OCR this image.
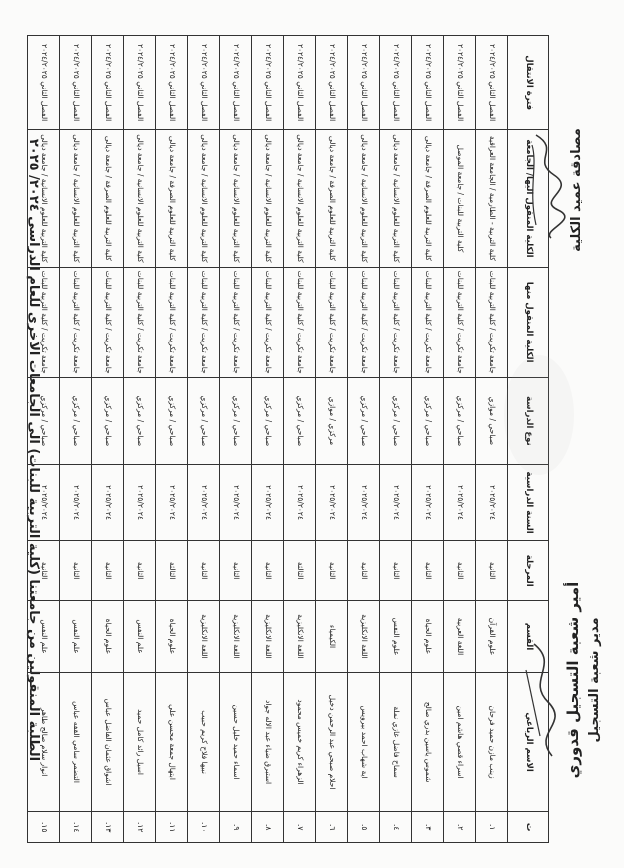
الطلبة المنقولين من جامعتنا (كلية التربية للبنات) الى الجامعات الاخرى للعام الدراسي ٢٠٢٤/ ٢٠٢٥
ت	الاسم الرباعي	القسم	المرحلة	السنة الدراسية	نوع الدراسة	الكلية المنقول منها	الكلية المنقول اليها/ الجامعة	فترة الانتقال
١.	زينب مازن حميد فرحان	علوم القرآن	الثانية	٢٠٢٥/٢٠٢٤	صباحي / موازي	جامعة تكريت / كلية التربية للبنات	كلية التربية - الطارمية / الجامعة العراقية	الفصل الثاني ٢٠٢٤/٢٠٢٥
٢.	اسراء قصي هاشم امين	اللغة العربية	الثانية	٢٠٢٥/٢٠٢٤	صباحي / مركزي	جامعة تكريت / كلية التربية للبنات	كلية التربية للبنات / جامعة الموصل	الفصل الثاني ٢٠٢٤/٢٠٢٥
٣.	شموس ياسين بدري صالح	علوم الحياة	الثانية	٢٠٢٥/٢٠٢٤	صباحي / مركزي	جامعة تكريت / كلية التربية للبنات	كلية التربية للعلوم الصرفة / جامعة ديالى	الفصل الثاني ٢٠٢٤/٢٠٢٥
٤.	سماح فاضل غازي نملة	علوم النفس	الثانية	٢٠٢٥/٢٠٢٤	صباحي / مركزي	جامعة تكريت / كلية التربية للبنات	كلية التربية للعلوم الانسانية / جامعة ديالى	الفصل الثاني ٢٠٢٤/٢٠٢٥
٥.	اية شهاب احمد بيرويس	اللغة الانكليزية	الثانية	٢٠٢٥/٢٠٢٤	صباحي / مركزي	جامعة تكريت / كلية التربية للبنات	كلية التربية للعلوم الانسانية / جامعة ديالى	الفصل الثاني ٢٠٢٤/٢٠٢٥
٦.	احلام صبحي عبد الرحمن دخيل	الكيمياء	الثانية	٢٠٢٥/٢٠٢٤	مركزي / موازي	جامعة تكريت / كلية التربية للبنات	كلية التربية للعلوم الصرفة / جامعة ديالى	الفصل الثاني ٢٠٢٤/٢٠٢٥
٧.	الزهراء كريم خميس محمود	اللغة الانكليزية	الثالثة	٢٠٢٥/٢٠٢٤	صباحي / مركزي	جامعة تكريت / كلية التربية للبنات	كلية التربية للعلوم الانسانية / جامعة ديالى	الفصل الثاني ٢٠٢٤/٢٠٢٥
٨.	استبرق ضياء عبد الاله جواد	اللغة الانكليزية	الثانية	٢٠٢٥/٢٠٢٤	صباحي / مركزي	جامعة تكريت / كلية التربية للبنات	كلية التربية للعلوم الانسانية / جامعة ديالى	الفصل الثاني ٢٠٢٤/٢٠٢٥
٩.	اسماء حميد خليل حسين	اللغة الانكليزية	الثانية	٢٠٢٥/٢٠٢٤	صباحي / مركزي	جامعة تكريت / كلية التربية للبنات	كلية التربية للعلوم الانسانية / جامعة ديالى	الفصل الثاني ٢٠٢٤/٢٠٢٥
١٠.	نبيها فلاح كريم حبيب	اللغة الانكليزية	الثانية	٢٠٢٥/٢٠٢٤	صباحي / مركزي	جامعة تكريت / كلية التربية للبنات	كلية التربية للعلوم الانسانية / جامعة ديالى	الفصل الثاني ٢٠٢٤/٢٠٢٥
١١.	ابتهال جمعة محسن علي	علوم الحياة	الثالثة	٢٠٢٥/٢٠٢٤	صباحي / مركزي	جامعة تكريت / كلية التربية للبنات	كلية التربية للعلوم الصرفة / جامعة ديالى	الفصل الثاني ٢٠٢٤/٢٠٢٥
١٢.	اسيل رائد كامل حميد	علم النفس	الثانية	٢٠٢٥/٢٠٢٤	صباحي / مركزي	جامعة تكريت / كلية التربية للبنات	كلية التربية للعلوم الانسانية / جامعة ديالى	الفصل الثاني ٢٠٢٤/٢٠٢٥
١٣.	اشواق عثمان الفاضل عباس	علوم الحياة	الثانية	٢٠٢٥/٢٠٢٤	صباحي / مركزي	جامعة تكريت / كلية التربية للبنات	كلية التربية للعلوم الصرفة / جامعة ديالى	الفصل الثاني ٢٠٢٤/٢٠٢٥
١٤.	التضمر سامي القفه عباس	علم النفس	الثانية	٢٠٢٥/٢٠٢٤	صباحي / مركزي	جامعة تكريت / كلية التربية للبنات	كلية التربية للعلوم الانسانية / جامعة ديالى	الفصل الثاني ٢٠٢٤/٢٠٢٥
١٥.	انوار سلام صالح طاهر	علم النفس	الثانية	٢٠٢٥/٢٠٢٤	صباحي / مركزي	جامعة تكريت / كلية التربية للبنات	كلية التربية للعلوم الانسانية / جامعة ديالى	الفصل الثاني ٢٠٢٤/٢٠٢٥
مصادقة عميد الكلية
أمير شعبة التسجيل قدوري مدير شعبة التسجيل
